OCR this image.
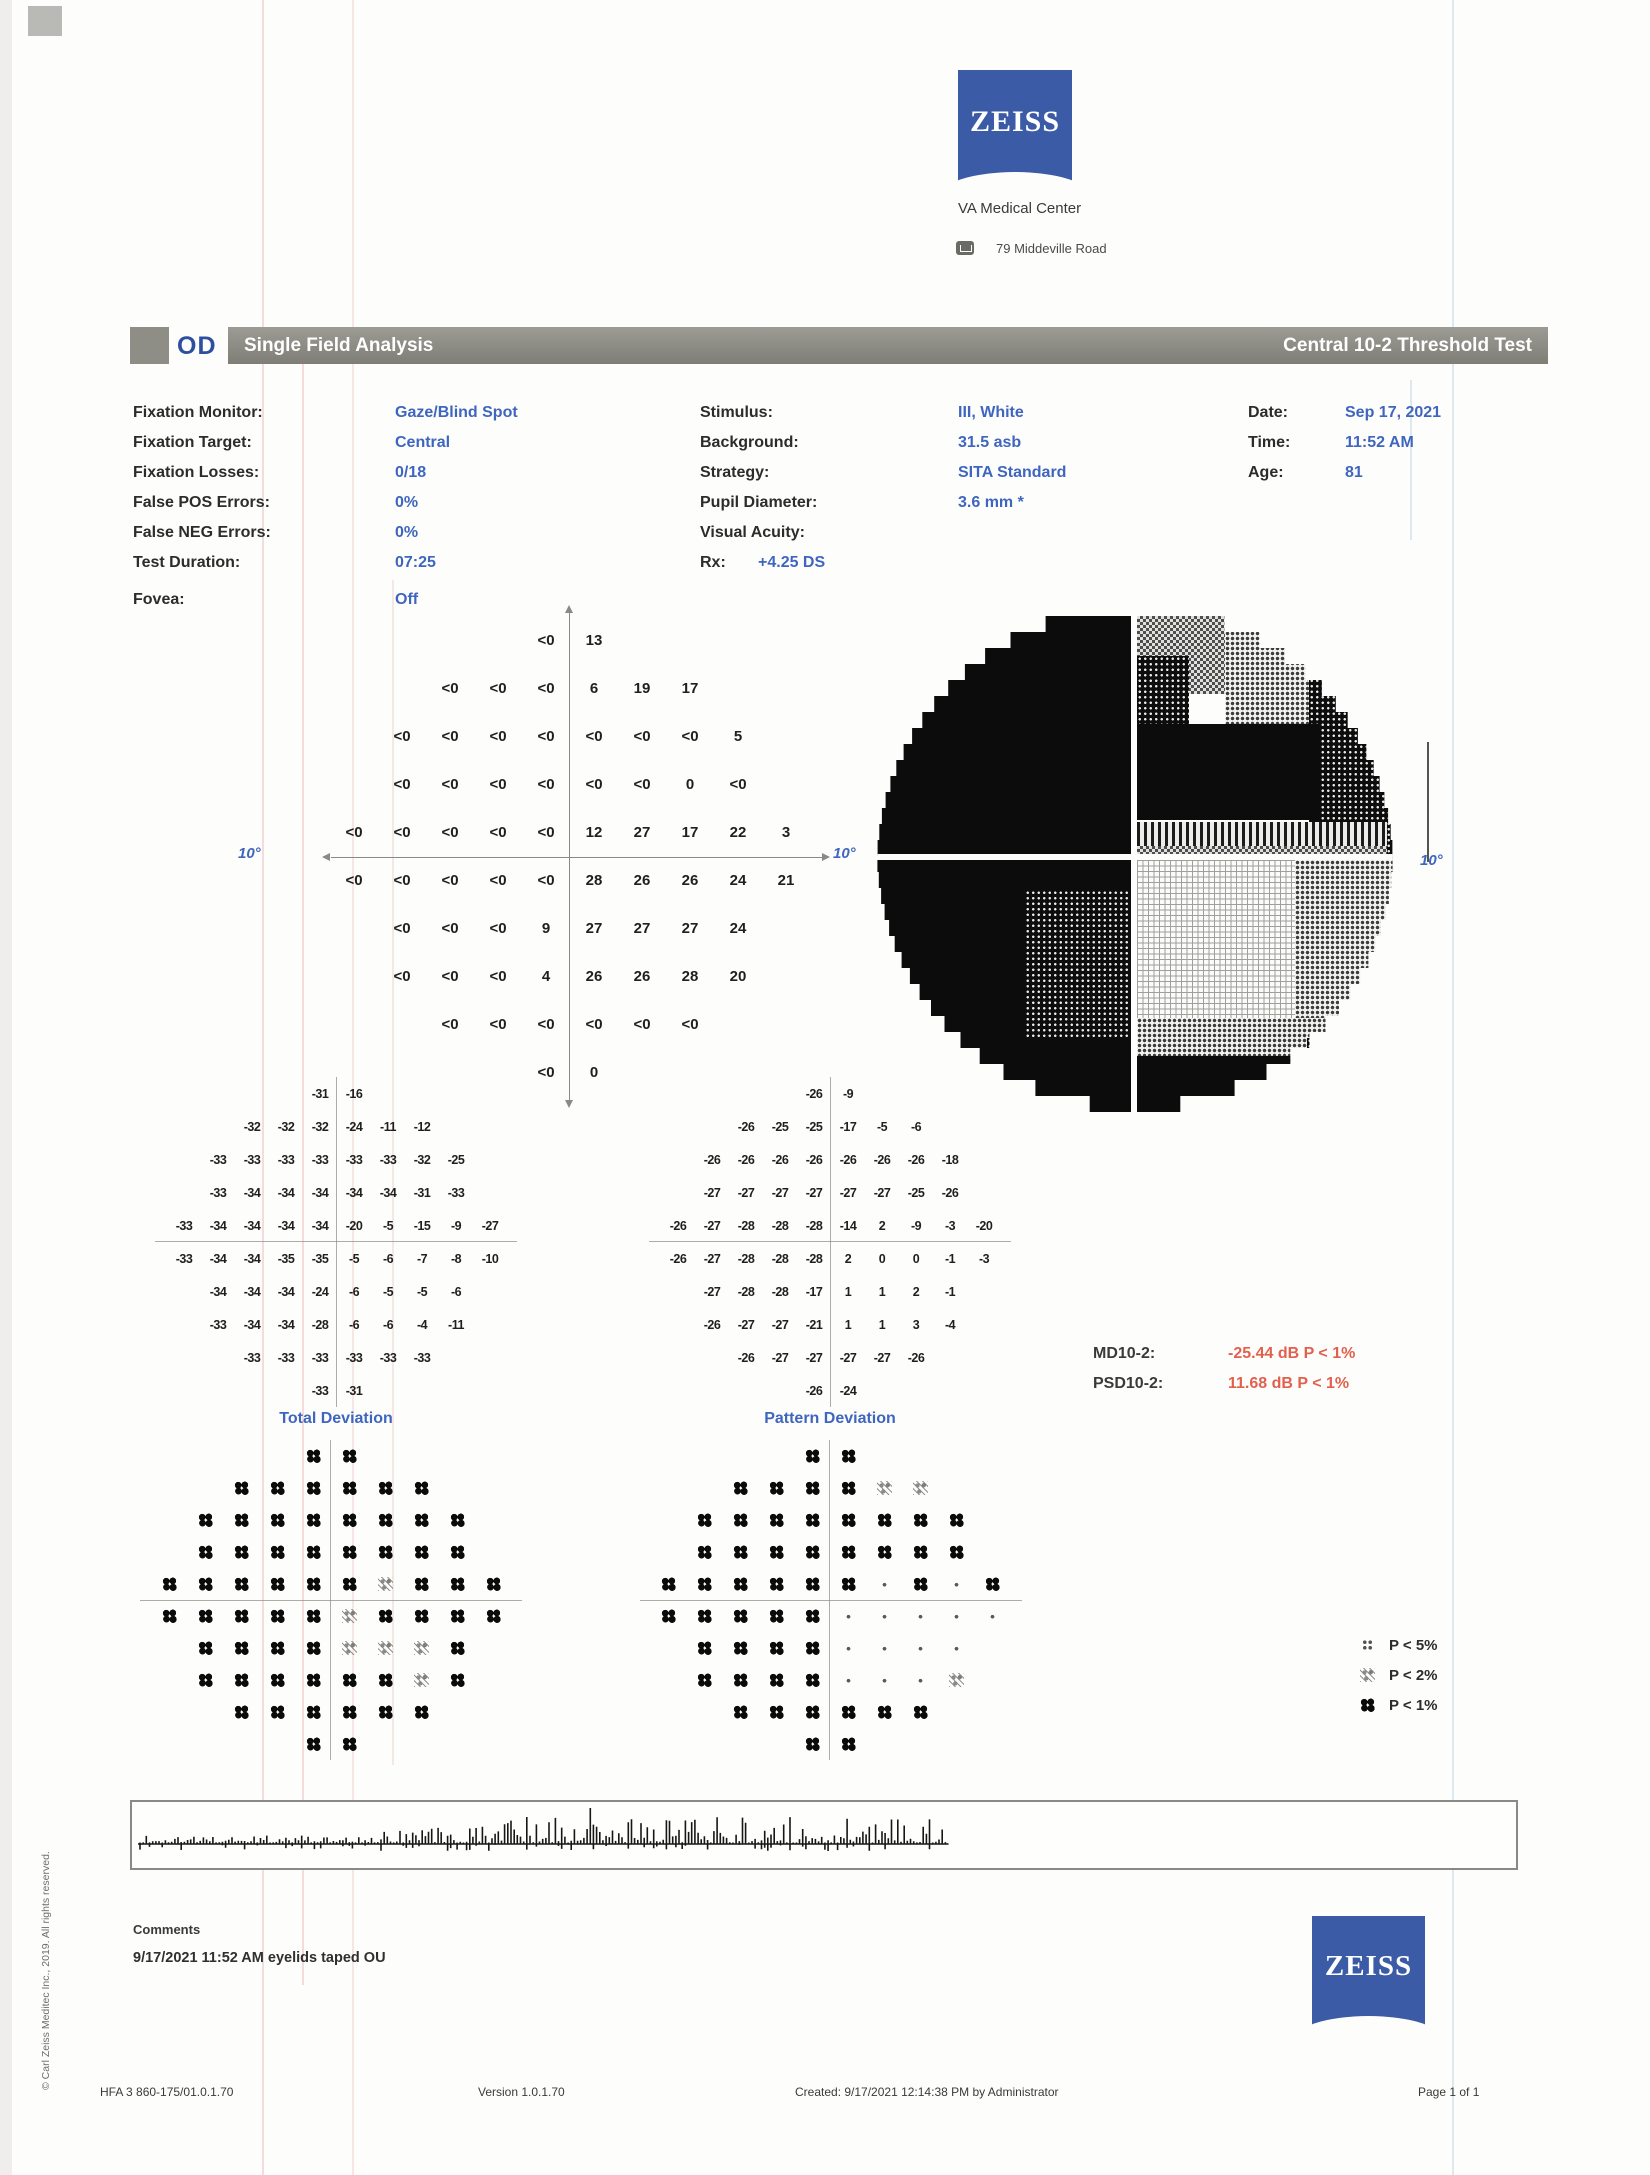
ZEISS
VA Medical Center
79 Middeville Road
OD Single Field Analysis	Central 10-2 Threshold Test
Fixation Monitor:	Gaze/Blind Spot
Fixation Target:	Central
Fixation Losses:	0/18
False POS Errors:	0%
False NEG Errors:	0%
Test Duration:	07:25
Fovea:	Off
Stimulus:	III, White
Background:	31.5 asb
Strategy:	SITA Standard
Pupil Diameter:	3.6 mm *
Visual Acuity:
Rx:	+4.25 DS
Date:	Sep 17, 2021
Time:	11:52 AM
Age:	81
<0	13
<0	<0	<0	6	19	17
<0	<0	<0	<0	<0	<0	<0	5
<0	<0	<0	<0	<0	<0	0	<0
<0	<0	<0	<0	<0	12	27	17	22	3
<0	<0	<0	<0	<0	28	26	26	24	21
<0	<0	<0	9	27	27	27	24
<0	<0	<0	4	26	26	28	20
<0	<0	<0	<0	<0	<0
<0	0
10°	10°	10°
-31	-16
-32	-32	-32	-24	-11	-12
-33	-33	-33	-33	-33	-33	-32	-25
-33	-34	-34	-34	-34	-34	-31	-33
-33	-34	-34	-34	-34	-20	-5	-15	-9	-27
-33	-34	-34	-35	-35	-5	-6	-7	-8	-10
-34	-34	-34	-24	-6	-5	-5	-6
-33	-34	-34	-28	-6	-6	-4	-11
-33	-33	-33	-33	-33	-33
-33	-31
-26	-9
-26	-25	-25	-17	-5	-6
-26	-26	-26	-26	-26	-26	-26	-18
-27	-27	-27	-27	-27	-27	-25	-26
-26	-27	-28	-28	-28	-14	2	-9	-3	-20
-26	-27	-28	-28	-28	2	0	0	-1	-3
-27	-28	-28	-17	1	1	2	-1
-26	-27	-27	-21	1	1	3	-4
-26	-27	-27	-27	-27	-26
-26	-24
MD10-2:	-25.44 dB P < 1%
PSD10-2:	11.68 dB P < 1%
Total Deviation	Pattern Deviation
P < 5%
P < 2%
P < 1%
Comments
9/17/2021 11:52 AM eyelids taped OU	ZEISS
HFA 3 860-175/01.0.1.70	Version 1.0.1.70	Created: 9/17/2021 12:14:38 PM by Administrator	Page 1 of 1
© Carl Zeiss Meditec Inc., 2019. All rights reserved.
